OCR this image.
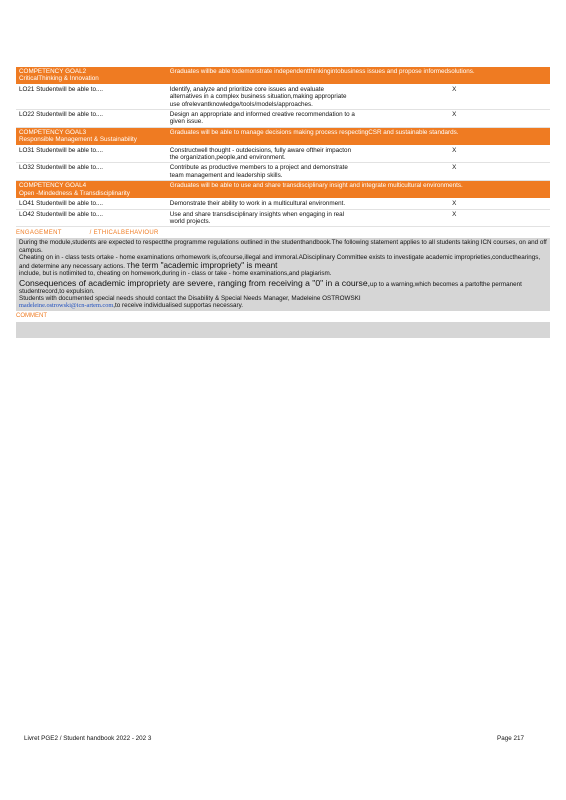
COMPETENCY GOAL2
CriticalThinking & Innovation	Graduates willbe able todemonstrate independentthinkingintobusiness issues and propose informedsolutions.	
LO21 Studentwill be able to....	Identify, analyze and prioritize core issues and evaluate alternatives in a complex business situation,making appropriate use ofrelevantknowledge/tools/models/approaches.	X
LO22 Studentwill be able to....	Design an appropriate and informed creative recommendation to a given issue.	X

COMPETENCY GOAL3
Responsible Management & Sustainability	Graduates will be able to manage decisions making process respectingCSR and sustainable standards.	
LO31 Studentwill be able to....	Constructwell thought - outdecisions, fully aware oftheir impacton the organization,people,and environment.	X
LO32 Studentwill be able to....	Contribute as productive members to a project and demonstrate team management and leadership skills.	X

COMPETENCY GOAL4
Open -Mindedness & Transdisciplinarity	Graduates will be able to use and share transdisciplinary insight and integrate multicultural environments.	
LO41 Studentwill be able to....	Demonstrate their ability to work in a multicultural environment.	X
LO42 Studentwill be able to....	Use and share transdisciplinary insights when engaging in real world projects.	X
ENGAGEMENT	/ ETHICALBEHAVIOUR
During the module,students are expected to respectthe programme regulations outlined in the studenthandbook.The following statement applies to all students taking ICN courses, on and off campus.
Cheating on in - class tests ortake - home examinations orhomework is,ofcourse,illegal and immoral.ADisciplinary Committee exists to investigate academic improprieties,conducthearings, and determine any necessary actions. The term "academic impropriety" is meant
include, but is notlimited to, cheating on homework,during in - class or take - home examinations,and plagiarism.
Consequences of academic impropriety are severe, ranging from receiving a "0" in a course,up to a warning,which becomes a partofthe permanent studentrecord,to expulsion.
Students with documented special needs should contact the Disability & Special Needs Manager, Madeleine OSTROWSKI
madeleine.ostrowski@icn-artem.com,to receive individualised supportas necessary.
COMMENT
Livret PGE2 / Student handbook 2022 - 202 3	Page 217
